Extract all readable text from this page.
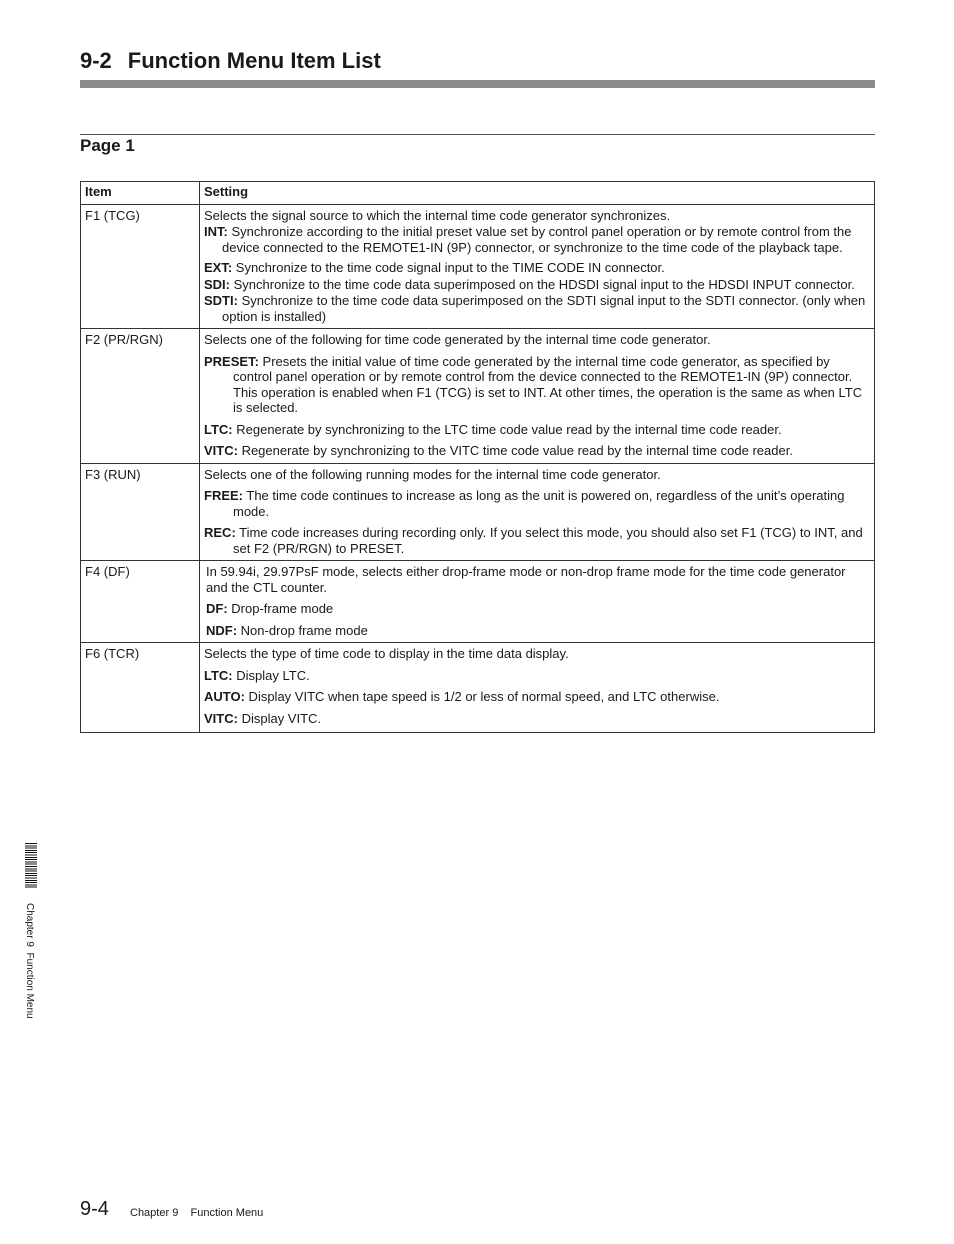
9-2 Function Menu Item List
Page 1
Item	Setting
F1 (TCG)	Selects the signal source to which the internal time code generator synchronizes.

INT: Synchronize according to the initial preset value set by control panel operation or by remote control from the device connected to the REMOTE1-IN (9P) connector, or synchronize to the time code of the playback tape.

EXT: Synchronize to the time code signal input to the TIME CODE IN connector.

SDI: Synchronize to the time code data superimposed on the HDSDI signal input to the HDSDI INPUT connector.

SDTI: Synchronize to the time code data superimposed on the SDTI signal input to the SDTI connector. (only when option is installed)

F2 (PR/RGN)	Selects one of the following for time code generated by the internal time code generator.

PRESET: Presets the initial value of time code generated by the internal time code generator, as specified by control panel operation or by remote control from the device connected to the REMOTE1-IN (9P) connector. This operation is enabled when F1 (TCG) is set to INT. At other times, the operation is the same as when LTC is selected.

LTC: Regenerate by synchronizing to the LTC time code value read by the internal time code reader.

VITC: Regenerate by synchronizing to the VITC time code value read by the internal time code reader.

F3 (RUN)	Selects one of the following running modes for the internal time code generator.

FREE: The time code continues to increase as long as the unit is powered on, regardless of the unit’s operating mode.

REC: Time code increases during recording only. If you select this mode, you should also set F1 (TCG) to INT, and set F2 (PR/RGN) to PRESET.

F4 (DF)	In 59.94i, 29.97PsF mode, selects either drop-frame mode or non-drop frame mode for the time code generator and the CTL counter.

DF: Drop-frame mode

NDF: Non-drop frame mode

F6 (TCR)	Selects the type of time code to display in the time data display.

LTC: Display LTC.

AUTO: Display VITC when tape speed is 1/2 or less of normal speed, and LTC otherwise.

VITC: Display VITC.

Chapter 9  Function Menu
9-4 Chapter 9    Function Menu
